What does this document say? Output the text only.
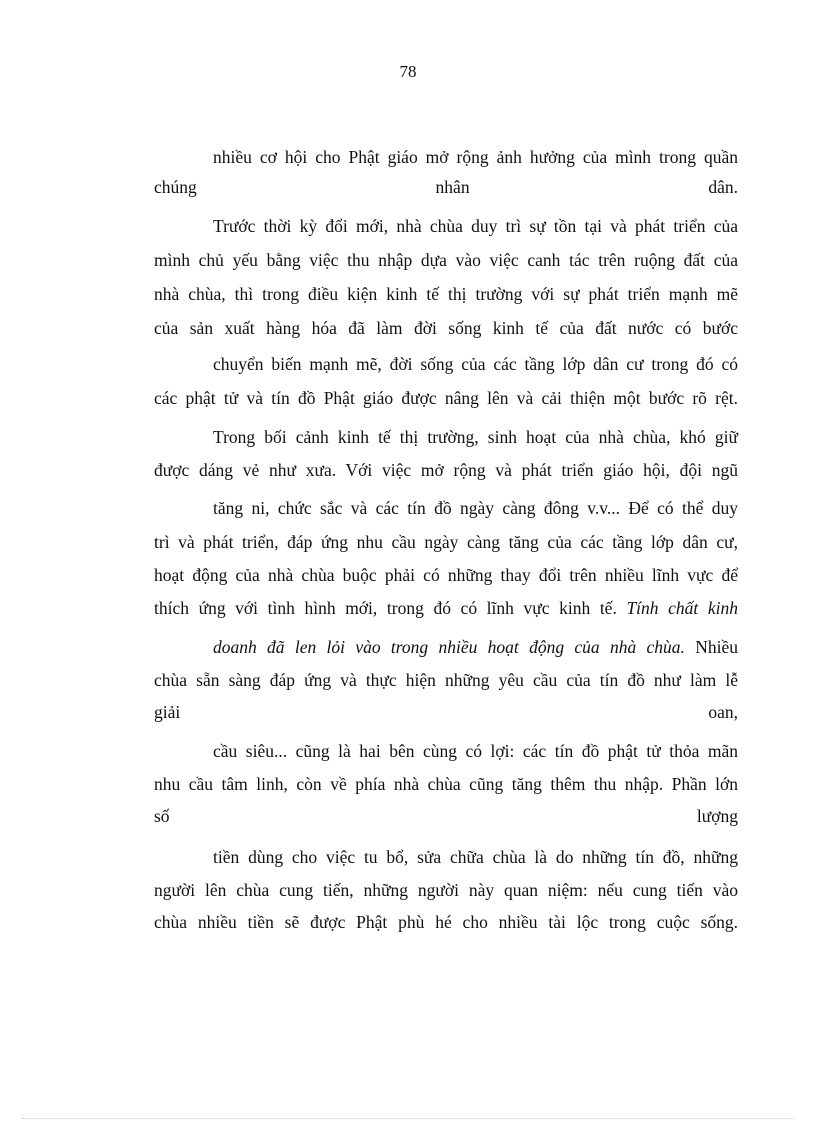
78
nhiều cơ hội cho Phật giáo mở rộng ảnh hưởng của mình trong quần
chúng	nhân	dân.
Trước thời kỳ đổi mới, nhà chùa duy trì sự tồn tại và phát triển của
mình chủ yếu bằng việc thu nhập dựa vào việc canh tác trên ruộng đất của
nhà chùa, thì trong điều kiện kinh tế thị trường với sự phát triển mạnh mẽ
của sản xuất hàng hóa đã làm đời sống kinh tế của đất nước có bước
chuyển biến mạnh mẽ, đời sống của các tầng lớp dân cư trong đó có
các phật tử và tín đồ Phật giáo được nâng lên và cải thiện một bước rõ rệt.
Trong bối cảnh kinh tế thị trường, sinh hoạt của nhà chùa, khó giữ
được dáng vẻ như xưa. Với việc mở rộng và phát triển giáo hội, đội ngũ
tăng ni, chức sắc và các tín đồ ngày càng đông v.v... Để có thể duy
trì và phát triển, đáp ứng nhu cầu ngày càng tăng của các tầng lớp dân cư,
hoạt động của nhà chùa buộc phải có những thay đổi trên nhiều lĩnh vực để
thích ứng với tình hình mới, trong đó có lĩnh vực kinh tế. Tính chất kinh
doanh đã len lỏi vào trong nhiều hoạt động của nhà chùa. Nhiều
chùa sẵn sàng đáp ứng và thực hiện những yêu cầu của tín đồ như làm lễ
giải	oan,
cầu siêu... cũng là hai bên cùng có lợi: các tín đồ phật tử thỏa mãn
nhu cầu tâm linh, còn về phía nhà chùa cũng tăng thêm thu nhập. Phần lớn
số	lượng
tiền dùng cho việc tu bổ, sửa chữa chùa là do những tín đồ, những
người lên chùa cung tiến, những người này quan niệm: nếu cung tiến vào
chùa nhiều tiền sẽ được Phật phù hé cho nhiều tài lộc trong cuộc sống.
